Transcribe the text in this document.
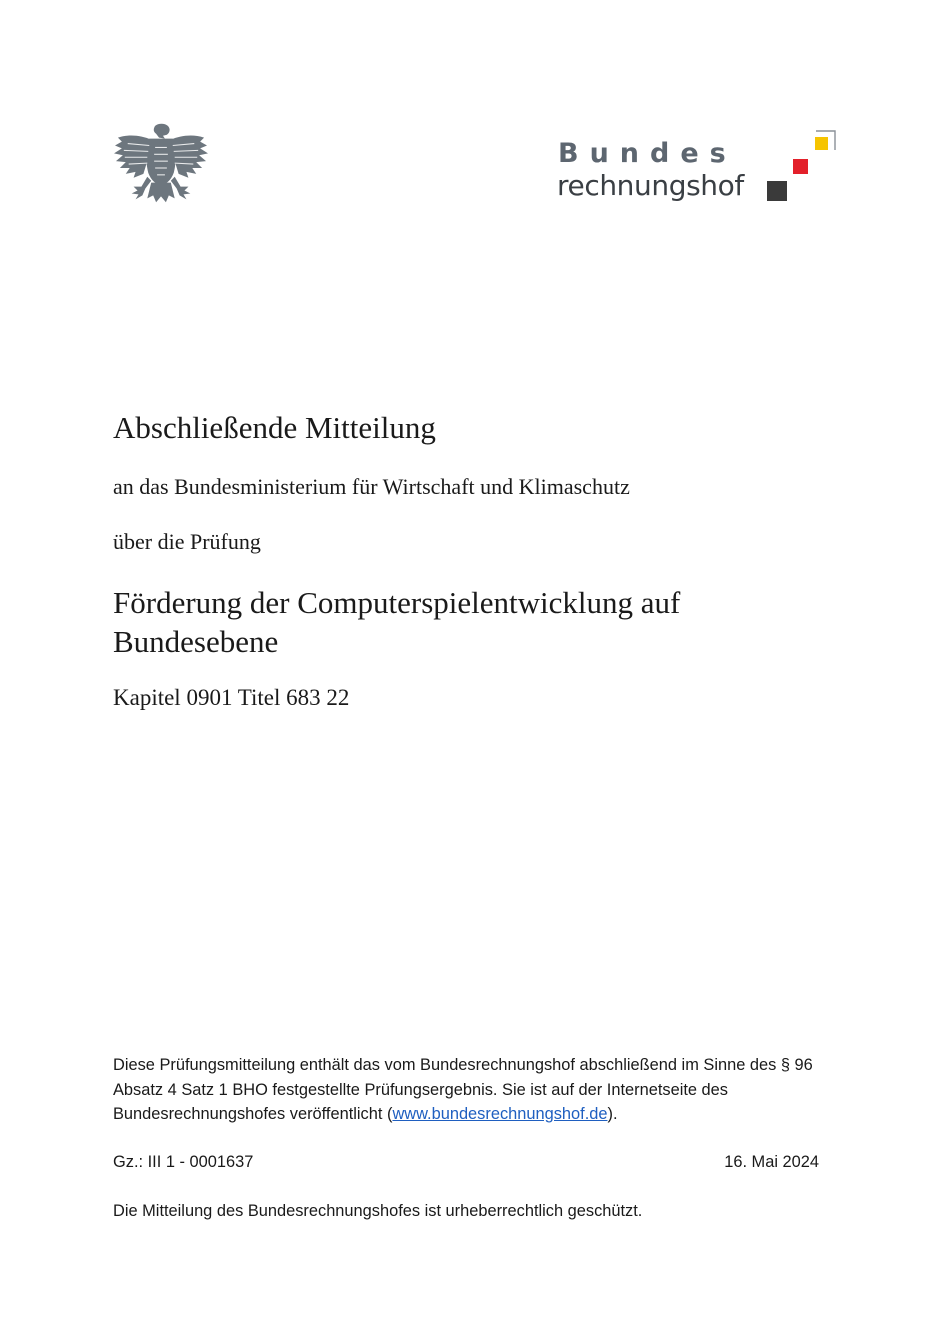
Bundes
rechnungshof
Abschließende Mitteilung

an das Bundesministerium für Wirtschaft und Klimaschutz

über die Prüfung

Förderung der Computerspielentwicklung auf Bundesebene

Kapitel 0901 Titel 683 22

Diese Prüfungsmitteilung enthält das vom Bundesrechnungshof abschließend im Sinne des § 96 Absatz 4 Satz 1 BHO festgestellte Prüfungsergebnis. Sie ist auf der Internetseite des Bundesrechnungshofes veröffentlicht (www.bundesrechnungshof.de).

Gz.: III 1 - 0001637	16. Mai 2024

Die Mitteilung des Bundesrechnungshofes ist urheberrechtlich geschützt.
